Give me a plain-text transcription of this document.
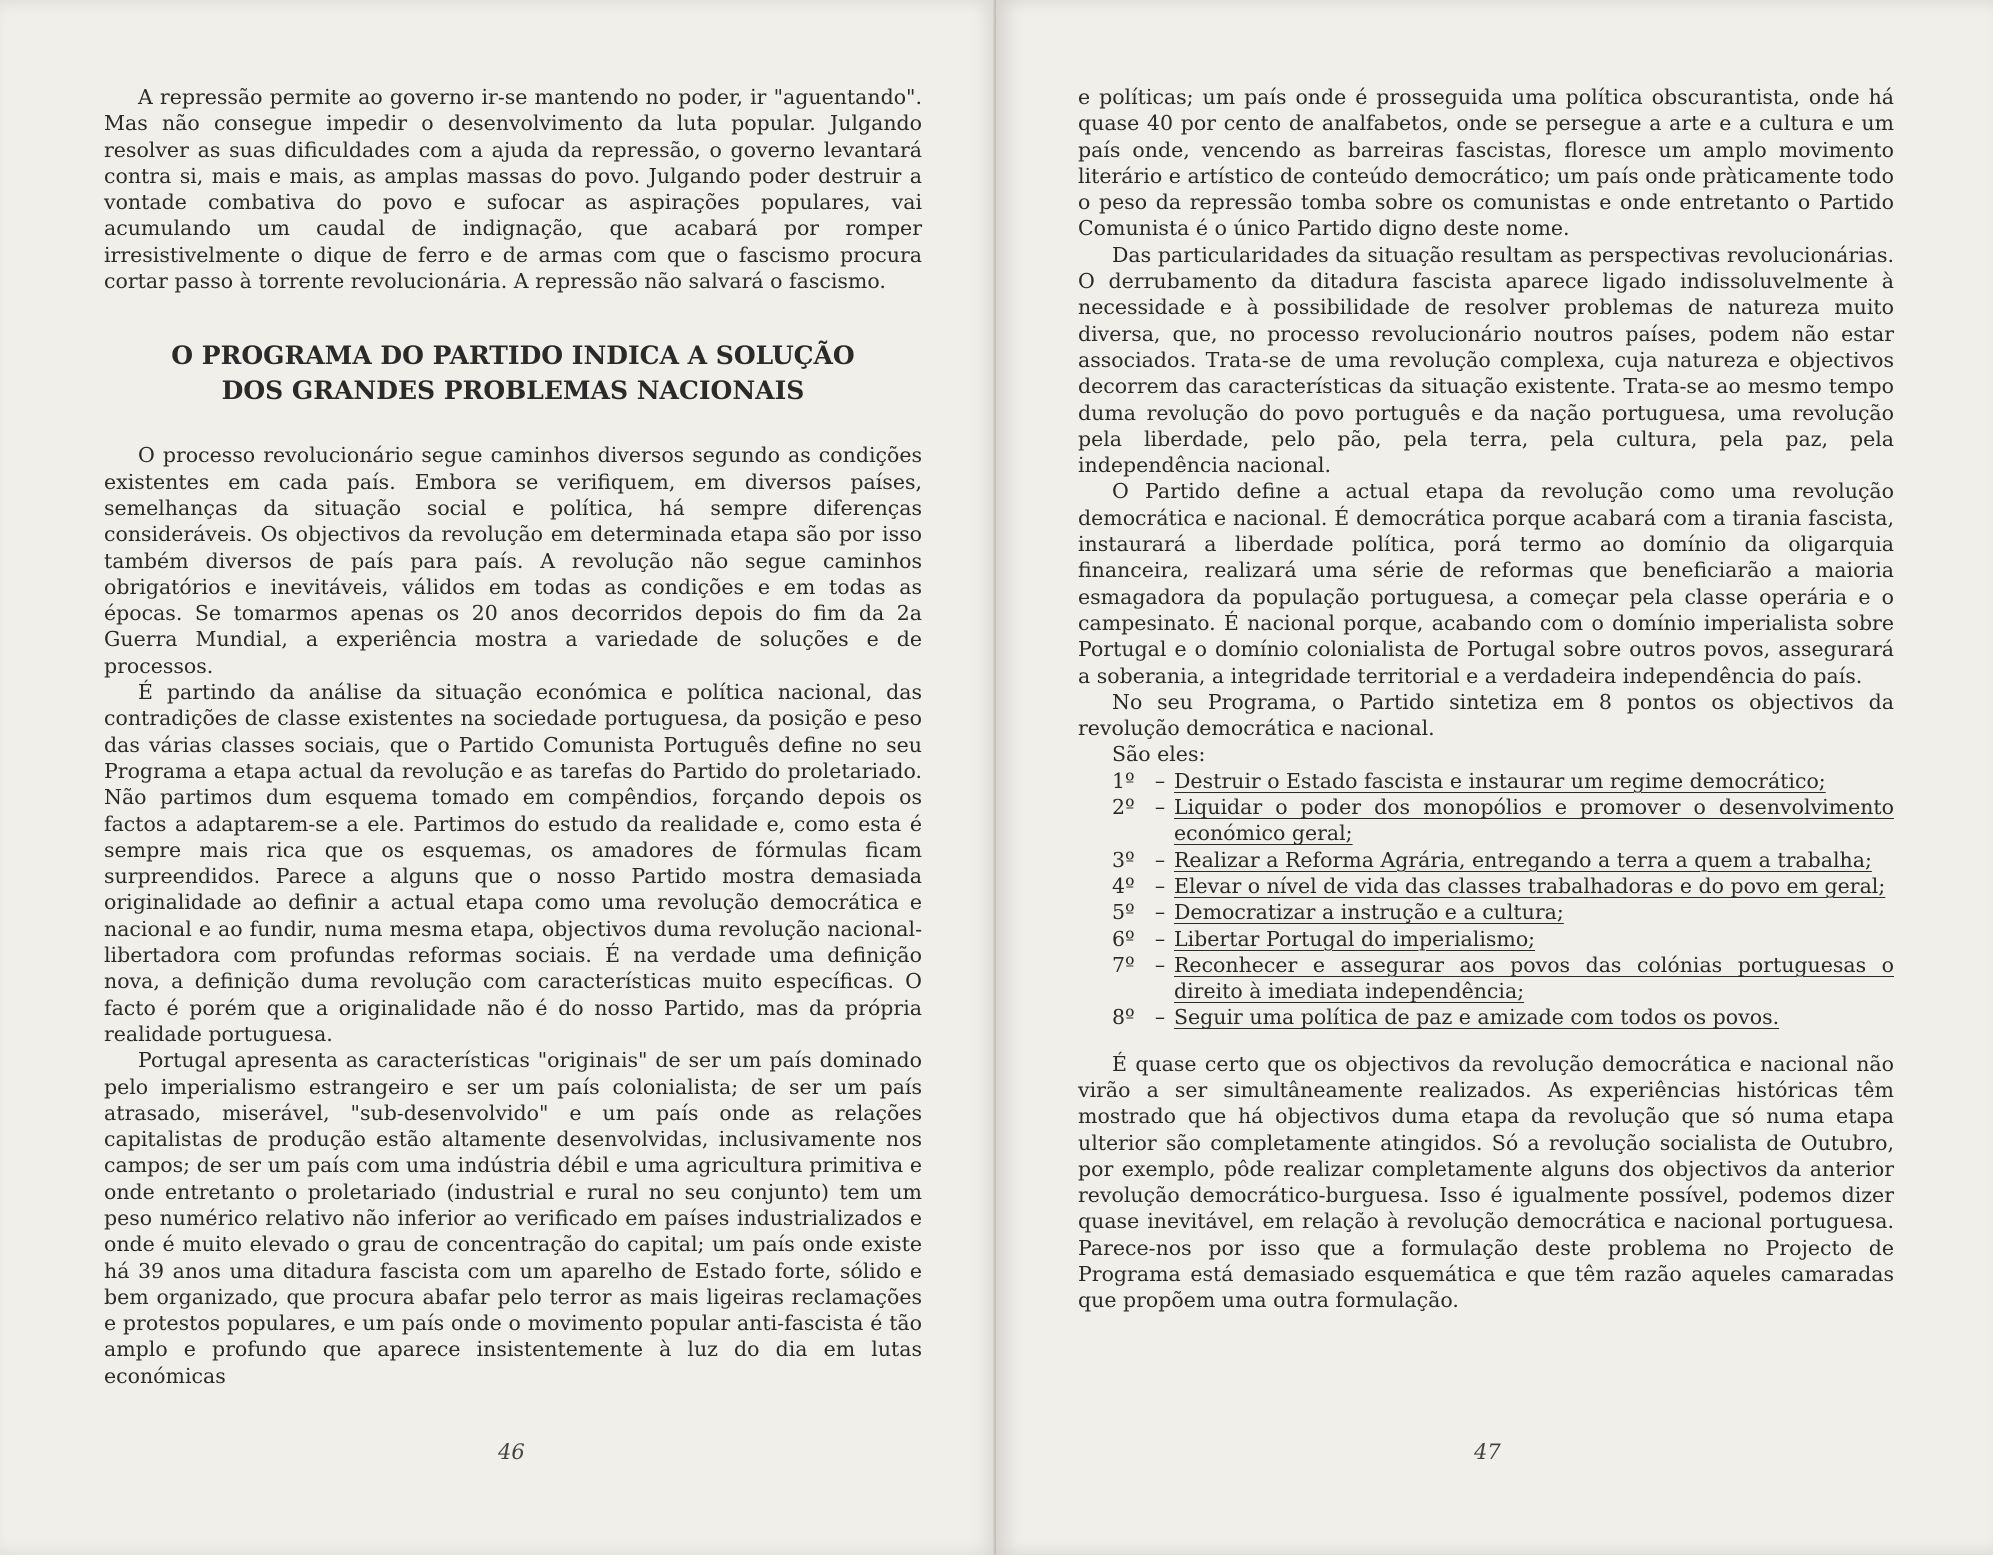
A repressão permite ao governo ir-se mantendo no poder, ir "aguentando". Mas não consegue impedir o desenvolvimento da luta popular. Julgando resolver as suas dificuldades com a ajuda da repressão, o governo levantará contra si, mais e mais, as amplas massas do povo. Julgando poder destruir a vontade combativa do povo e sufocar as aspirações populares, vai acumulando um caudal de indignação, que acabará por romper irresistivelmente o dique de ferro e de armas com que o fascismo procura cortar passo à torrente revolucionária. A repressão não salvará o fascismo.

O PROGRAMA DO PARTIDO INDICA A SOLUÇÃO
DOS GRANDES PROBLEMAS NACIONAIS

O processo revolucionário segue caminhos diversos segundo as condições existentes em cada país. Embora se verifiquem, em diversos países, semelhanças da situação social e política, há sempre diferenças consideráveis. Os objectivos da revolução em determinada etapa são por isso também diversos de país para país. A revolução não segue caminhos obrigatórios e inevitáveis, válidos em todas as condições e em todas as épocas. Se tomarmos apenas os 20 anos decorridos depois do fim da 2a Guerra Mundial, a experiência mostra a variedade de soluções e de processos.

É partindo da análise da situação económica e política nacional, das contradições de classe existentes na sociedade portuguesa, da posição e peso das várias classes sociais, que o Partido Comunista Português define no seu Programa a etapa actual da revolução e as tarefas do Partido do proletariado. Não partimos dum esquema tomado em compêndios, forçando depois os factos a adaptarem-se a ele. Partimos do estudo da realidade e, como esta é sempre mais rica que os esquemas, os amadores de fórmulas ficam surpreendidos. Parece a alguns que o nosso Partido mostra demasiada originalidade ao definir a actual etapa como uma revolução democrática e nacional e ao fundir, numa mesma etapa, objectivos duma revolução nacional-libertadora com profundas reformas sociais. É na verdade uma definição nova, a definição duma revolução com características muito específicas. O facto é porém que a originalidade não é do nosso Partido, mas da própria realidade portuguesa.

Portugal apresenta as características "originais" de ser um país dominado pelo imperialismo estrangeiro e ser um país colonialista; de ser um país atrasado, miserável, "sub-desenvolvido" e um país onde as relações capitalistas de produção estão altamente desenvolvidas, inclusivamente nos campos; de ser um país com uma indústria débil e uma agricultura primitiva e onde entretanto o proletariado (industrial e rural no seu conjunto) tem um peso numérico relativo não inferior ao verificado em países industrializados e onde é muito elevado o grau de concentração do capital; um país onde existe há 39 anos uma ditadura fascista com um aparelho de Estado forte, sólido e bem organizado, que procura abafar pelo terror as mais ligeiras reclamações e protestos populares, e um país onde o movimento popular anti-fascista é tão amplo e profundo que aparece insistentemente à luz do dia em lutas económicas

46

e políticas; um país onde é prosseguida uma política obscurantista, onde há quase 40 por cento de analfabetos, onde se persegue a arte e a cultura e um país onde, vencendo as barreiras fascistas, floresce um amplo movimento literário e artístico de conteúdo democrático; um país onde pràticamente todo o peso da repressão tomba sobre os comunistas e onde entretanto o Partido Comunista é o único Partido digno deste nome.

Das particularidades da situação resultam as perspectivas revolucionárias. O derrubamento da ditadura fascista aparece ligado indissoluvelmente à necessidade e à possibilidade de resolver problemas de natureza muito diversa, que, no processo revolucionário noutros países, podem não estar associados. Trata-se de uma revolução complexa, cuja natureza e objectivos decorrem das características da situação existente. Trata-se ao mesmo tempo duma revolução do povo português e da nação portuguesa, uma revolução pela liberdade, pelo pão, pela terra, pela cultura, pela paz, pela independência nacional.

O Partido define a actual etapa da revolução como uma revolução democrática e nacional. É democrática porque acabará com a tirania fascista, instaurará a liberdade política, porá termo ao domínio da oligarquia financeira, realizará uma série de reformas que beneficiarão a maioria esmagadora da população portuguesa, a começar pela classe operária e o campesinato. É nacional porque, acabando com o domínio imperialista sobre Portugal e o domínio colonialista de Portugal sobre outros povos, assegurará a soberania, a integridade territorial e a verdadeira independência do país.

No seu Programa, o Partido sintetiza em 8 pontos os objectivos da revolução democrática e nacional.

São eles:

1º – Destruir o Estado fascista e instaurar um regime democrático;
2º – Liquidar o poder dos monopólios e promover o desenvolvimento económico geral;
3º – Realizar a Reforma Agrária, entregando a terra a quem a trabalha;
4º – Elevar o nível de vida das classes trabalhadoras e do povo em geral;
5º – Democratizar a instrução e a cultura;
6º – Libertar Portugal do imperialismo;
7º – Reconhecer e assegurar aos povos das colónias portuguesas o direito à imediata independência;
8º – Seguir uma política de paz e amizade com todos os povos.

É quase certo que os objectivos da revolução democrática e nacional não virão a ser simultâneamente realizados. As experiências históricas têm mostrado que há objectivos duma etapa da revolução que só numa etapa ulterior são completamente atingidos. Só a revolução socialista de Outubro, por exemplo, pôde realizar completamente alguns dos objectivos da anterior revolução democrático-burguesa. Isso é igualmente possível, podemos dizer quase inevitável, em relação à revolução democrática e nacional portuguesa. Parece-nos por isso que a formulação deste problema no Projecto de Programa está demasiado esquemática e que têm razão aqueles camaradas que propõem uma outra formulação.

47
